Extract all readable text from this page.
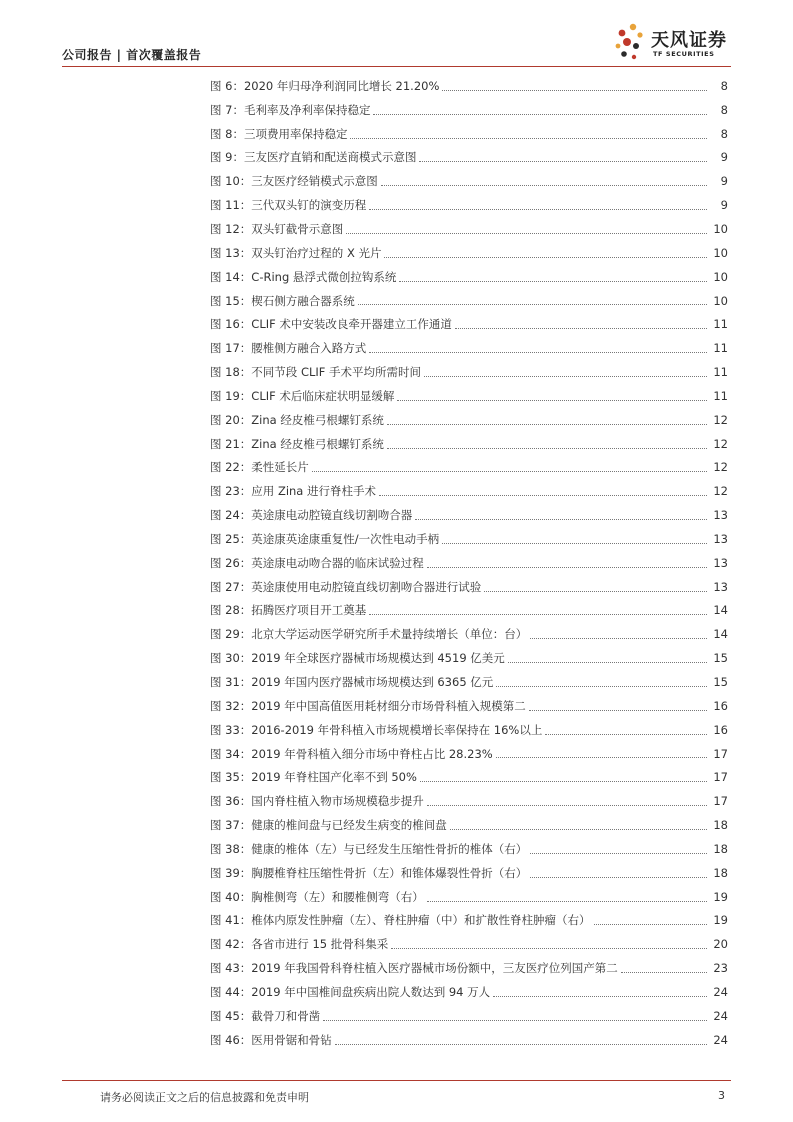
公司报告 | 首次覆盖报告
天风证券
TF SECURITIES
图 6：2020 年归母净利润同比增长 21.20%	8
图 7：毛利率及净利率保持稳定	8
图 8：三项费用率保持稳定	8
图 9：三友医疗直销和配送商模式示意图	9
图 10：三友医疗经销模式示意图	9
图 11：三代双头钉的演变历程	9
图 12：双头钉截骨示意图	10
图 13：双头钉治疗过程的 X 光片	10
图 14：C-Ring 悬浮式微创拉钩系统	10
图 15：楔石侧方融合器系统	10
图 16：CLIF 术中安装改良牵开器建立工作通道	11
图 17：腰椎侧方融合入路方式	11
图 18：不同节段 CLIF 手术平均所需时间	11
图 19：CLIF 术后临床症状明显缓解	11
图 20：Zina 经皮椎弓根螺钉系统	12
图 21：Zina 经皮椎弓根螺钉系统	12
图 22：柔性延长片	12
图 23：应用 Zina 进行脊柱手术	12
图 24：英途康电动腔镜直线切割吻合器	13
图 25：英途康英途康重复性/一次性电动手柄	13
图 26：英途康电动吻合器的临床试验过程	13
图 27：英途康使用电动腔镜直线切割吻合器进行试验	13
图 28：拓腾医疗项目开工奠基	14
图 29：北京大学运动医学研究所手术量持续增长（单位：台）	14
图 30：2019 年全球医疗器械市场规模达到 4519 亿美元	15
图 31：2019 年国内医疗器械市场规模达到 6365 亿元	15
图 32：2019 年中国高值医用耗材细分市场骨科植入规模第二	16
图 33：2016-2019 年骨科植入市场规模增长率保持在 16%以上	16
图 34：2019 年骨科植入细分市场中脊柱占比 28.23%	17
图 35：2019 年脊柱国产化率不到 50%	17
图 36：国内脊柱植入物市场规模稳步提升	17
图 37：健康的椎间盘与已经发生病变的椎间盘	18
图 38：健康的椎体（左）与已经发生压缩性骨折的椎体（右）	18
图 39：胸腰椎脊柱压缩性骨折（左）和锥体爆裂性骨折（右）	18
图 40：胸椎侧弯（左）和腰椎侧弯（右）	19
图 41：椎体内原发性肿瘤（左）、脊柱肿瘤（中）和扩散性脊柱肿瘤（右）	19
图 42：各省市进行 15 批骨科集采	20
图 43：2019 年我国骨科脊柱植入医疗器械市场份额中，三友医疗位列国产第二	23
图 44：2019 年中国椎间盘疾病出院人数达到 94 万人	24
图 45：截骨刀和骨凿	24
图 46：医用骨锯和骨钻	24
请务必阅读正文之后的信息披露和免责申明	3
